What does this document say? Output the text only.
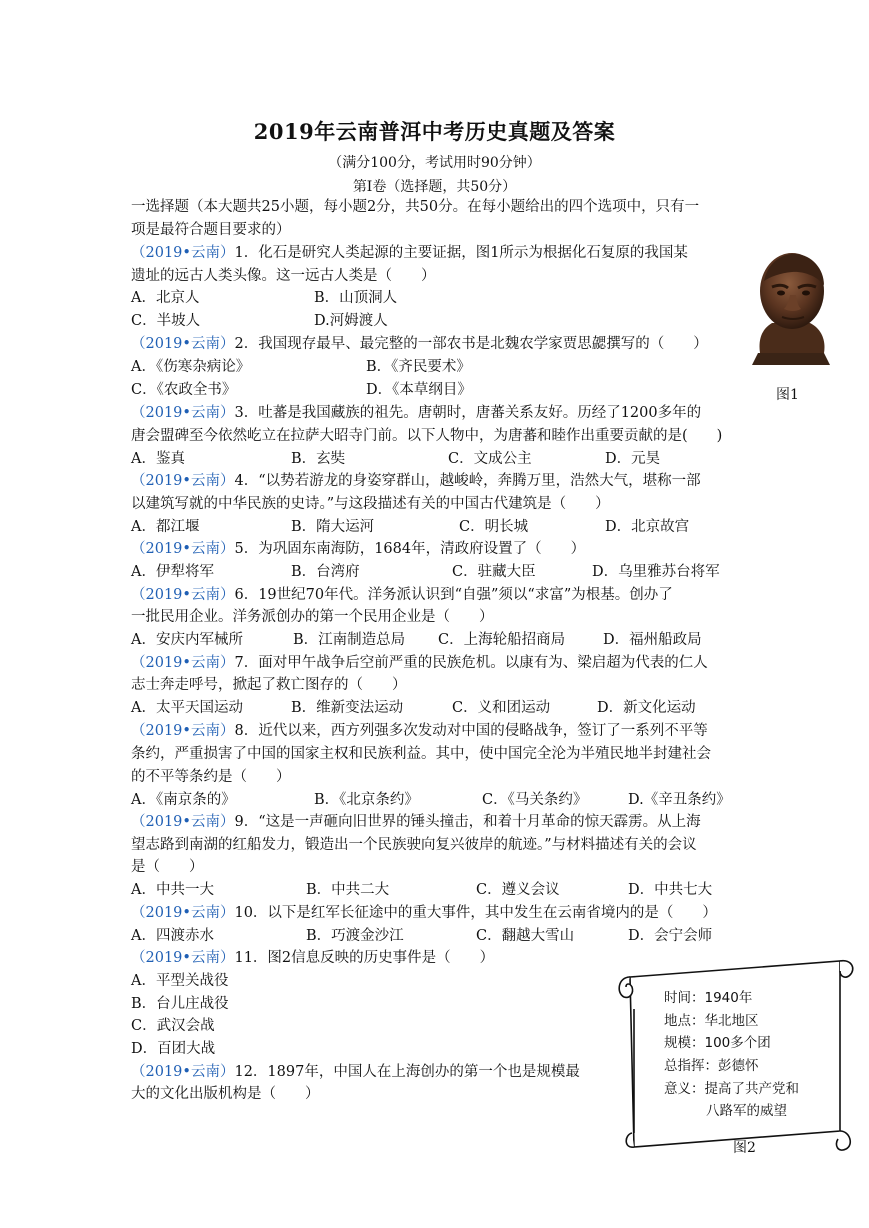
2019年云南普洱中考历史真题及答案
（满分100分，考试用时90分钟）
第Ⅰ卷（选择题，共50分）
一选择题（本大题共25小题，每小题2分，共50分。在每小题给出的四个选项中，只有一
项是最符合题目要求的）
（2019•云南）1．化石是研究人类起源的主要证据，图1所示为根据化石复原的我国某
遗址的远古人类头像。这一远古人类是（　　）
A．北京人	B．山顶洞人
C．半坡人	D.河姆渡人
（2019•云南）2．我国现存最早、最完整的一部农书是北魏农学家贾思勰撰写的（　　）
A．《伤寒杂病论》	B．《齐民要术》
C．《农政全书》	D．《本草纲目》
（2019•云南）3．吐蕃是我国藏族的祖先。唐朝时，唐蕃关系友好。历经了1200多年的
唐会盟碑至今依然屹立在拉萨大昭寺门前。以下人物中，为唐蕃和睦作出重要贡献的是(　　)
A．鉴真	B．玄奘	C．文成公主	D．元昊
（2019•云南）4．“以势若游龙的身姿穿群山，越峻岭，奔腾万里，浩然大气，堪称一部
以建筑写就的中华民族的史诗。”与这段描述有关的中国古代建筑是（　　）
A．都江堰	B．隋大运河	C．明长城	D．北京故宫
（2019•云南）5．为巩固东南海防，1684年，清政府设置了（　　）
A．伊犁将军	B．台湾府	C．驻藏大臣	D．乌里雅苏台将军
（2019•云南）6．19世纪70年代。洋务派认识到“自强”须以“求富”为根基。创办了
一批民用企业。洋务派创办的第一个民用企业是（　　）
A．安庆内军械所	B．江南制造总局 C．上海轮船招商局	D．福州船政局
（2019•云南）7．面对甲午战争后空前严重的民族危机。以康有为、梁启超为代表的仁人
志士奔走呼号，掀起了救亡图存的（　　）
A．太平天国运动	B．维新变法运动	C．义和团运动	D．新文化运动
（2019•云南）8．近代以来，西方列强多次发动对中国的侵略战争，签订了一系列不平等
条约，严重损害了中国的国家主权和民族利益。其中，使中国完全沦为半殖民地半封建社会
的不平等条约是（　　）
A．《南京条的》	B．《北京条约》	C．《马关条约》	D.《辛丑条约》
（2019•云南）9．“这是一声砸向旧世界的锤头撞击，和着十月革命的惊天霹雳。从上海
望志路到南湖的红船发力，锻造出一个民族驶向复兴彼岸的航迹。”与材料描述有关的会议
是（　　）
A．中共一大	B．中共二大	C．遵义会议	D．中共七大
（2019•云南）10．以下是红军长征途中的重大事件，其中发生在云南省境内的是（　　）
A．四渡赤水	B．巧渡金沙江	C．翻越大雪山	D．会宁会师
（2019•云南）11．图2信息反映的历史事件是（　　）
A．平型关战役
B．台儿庄战役
C．武汉会战
D．百团大战
（2019•云南）12．1897年，中国人在上海创办的第一个也是规模最
大的文化出版机构是（　　）
图1
时间：1940年
地点：华北地区
规模：100多个团
总指挥：彭德怀
意义：提高了共产党和
八路军的威望
图2
